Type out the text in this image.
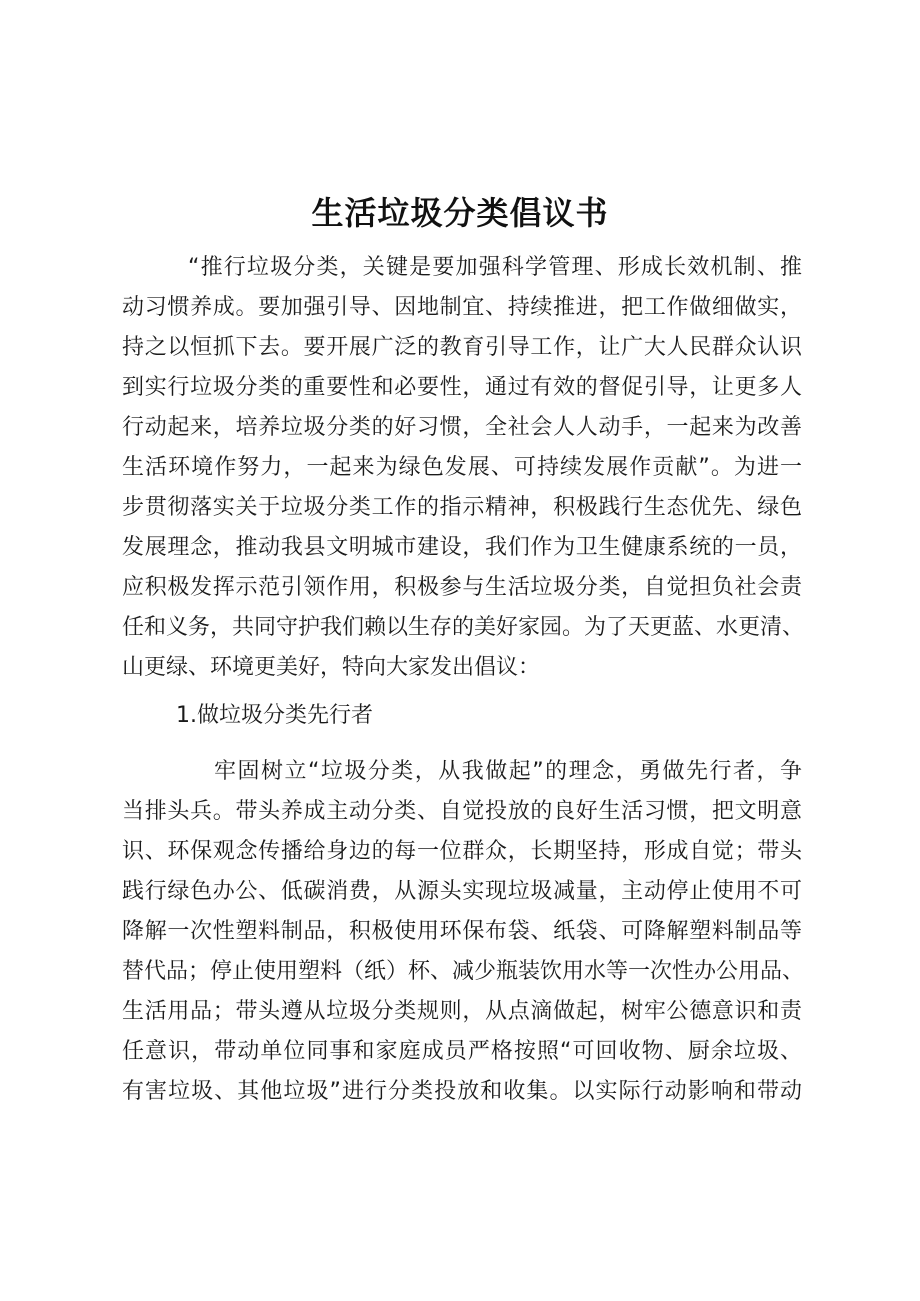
生活垃圾分类倡议书

“推行垃圾分类，关键是要加强科学管理、形成长效机制、推
动习惯养成。要加强引导、因地制宜、持续推进，把工作做细做实，
持之以恒抓下去。要开展广泛的教育引导工作，让广大人民群众认识
到实行垃圾分类的重要性和必要性，通过有效的督促引导，让更多人
行动起来，培养垃圾分类的好习惯，全社会人人动手，一起来为改善
生活环境作努力，一起来为绿色发展、可持续发展作贡献”。为进一
步贯彻落实关于垃圾分类工作的指示精神，积极践行生态优先、绿色
发展理念，推动我县文明城市建设，我们作为卫生健康系统的一员，
应积极发挥示范引领作用，积极参与生活垃圾分类，自觉担负社会责
任和义务，共同守护我们赖以生存的美好家园。为了天更蓝、水更清、
山更绿、环境更美好，特向大家发出倡议：

1.做垃圾分类先行者

牢固树立“垃圾分类，从我做起”的理念，勇做先行者，争
当排头兵。带头养成主动分类、自觉投放的良好生活习惯，把文明意
识、环保观念传播给身边的每一位群众，长期坚持，形成自觉；带头
践行绿色办公、低碳消费，从源头实现垃圾减量，主动停止使用不可
降解一次性塑料制品，积极使用环保布袋、纸袋、可降解塑料制品等
替代品；停止使用塑料（纸）杯、减少瓶装饮用水等一次性办公用品、
生活用品；带头遵从垃圾分类规则，从点滴做起，树牢公德意识和责
任意识，带动单位同事和家庭成员严格按照“可回收物、厨余垃圾、
有害垃圾、其他垃圾”进行分类投放和收集。以实际行动影响和带动
